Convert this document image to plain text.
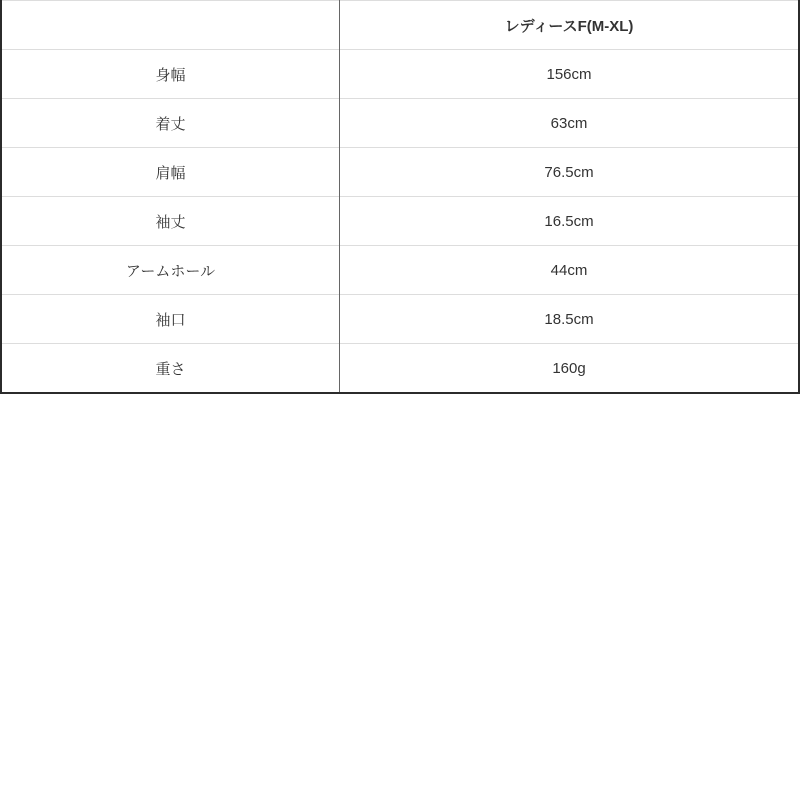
	レディースF(M-XL)
身幅	156cm
着丈	63cm
肩幅	76.5cm
袖丈	16.5cm
アームホール	44cm
袖口	18.5cm
重さ	160g
